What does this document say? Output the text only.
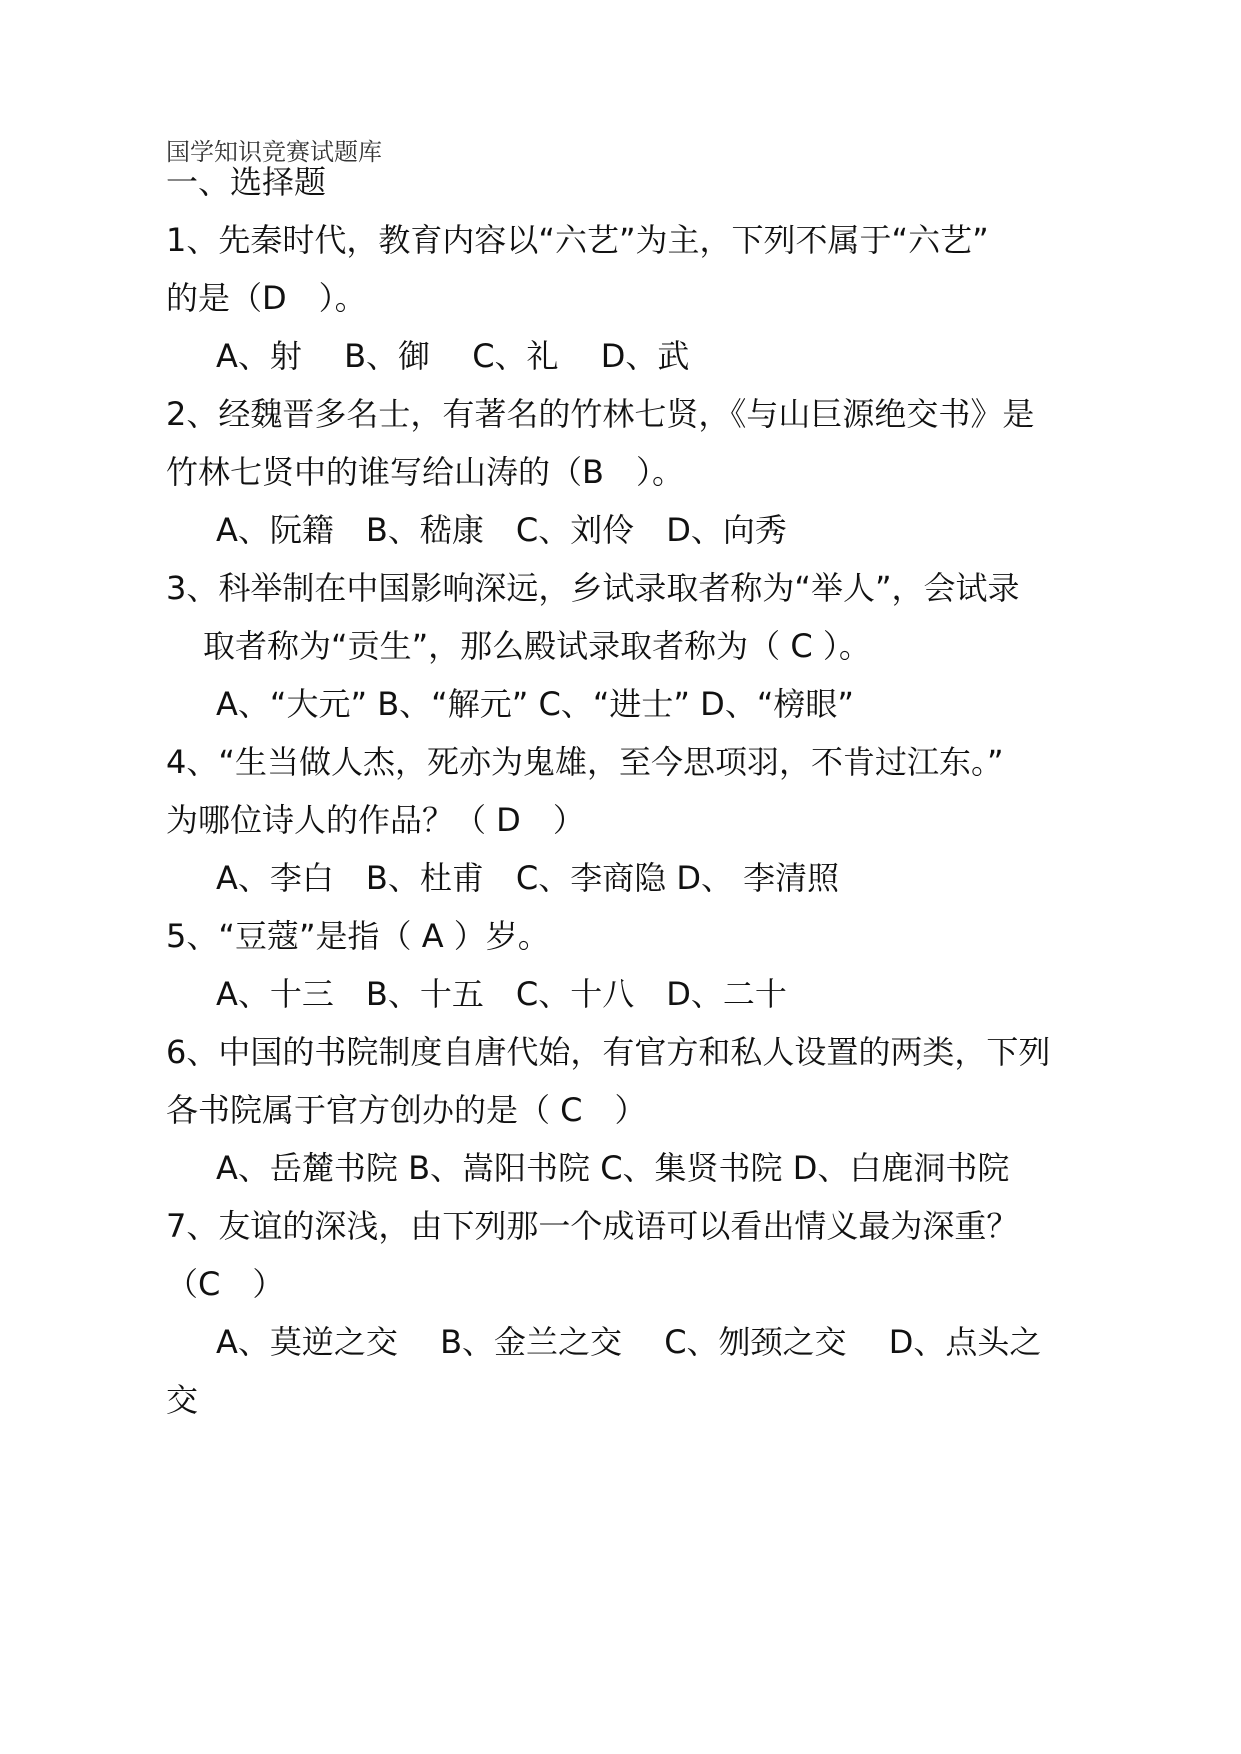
国学知识竞赛试题库
一、选择题
1、先秦时代，教育内容以“六艺”为主，下列不属于“六艺”
的是（D　）。
A、射　 B、御　 C、礼　 D、武
2、经魏晋多名士，有著名的竹林七贤，《与山巨源绝交书》是
竹林七贤中的谁写给山涛的（B　）。
A、阮籍　B、嵇康　C、刘伶　D、向秀
3、科举制在中国影响深远，乡试录取者称为“举人”，会试录
取者称为“贡生”，那么殿试录取者称为（ C ）。
A、“大元” B、“解元” C、“进士” D、“榜眼”
4、“生当做人杰，死亦为鬼雄，至今思项羽，不肯过江东。”
为哪位诗人的作品？（ D　）
A、李白　B、杜甫　C、李商隐 D、 李清照
5、“豆蔻”是指（ A ）岁。
A、十三　B、十五　C、十八　D、二十
6、中国的书院制度自唐代始，有官方和私人设置的两类，下列
各书院属于官方创办的是（ C　）
A、岳麓书院 B、嵩阳书院 C、集贤书院 D、白鹿洞书院
7、友谊的深浅，由下列那一个成语可以看出情义最为深重？
（C　）
A、莫逆之交　 B、金兰之交　 C、刎颈之交　 D、点头之
交
